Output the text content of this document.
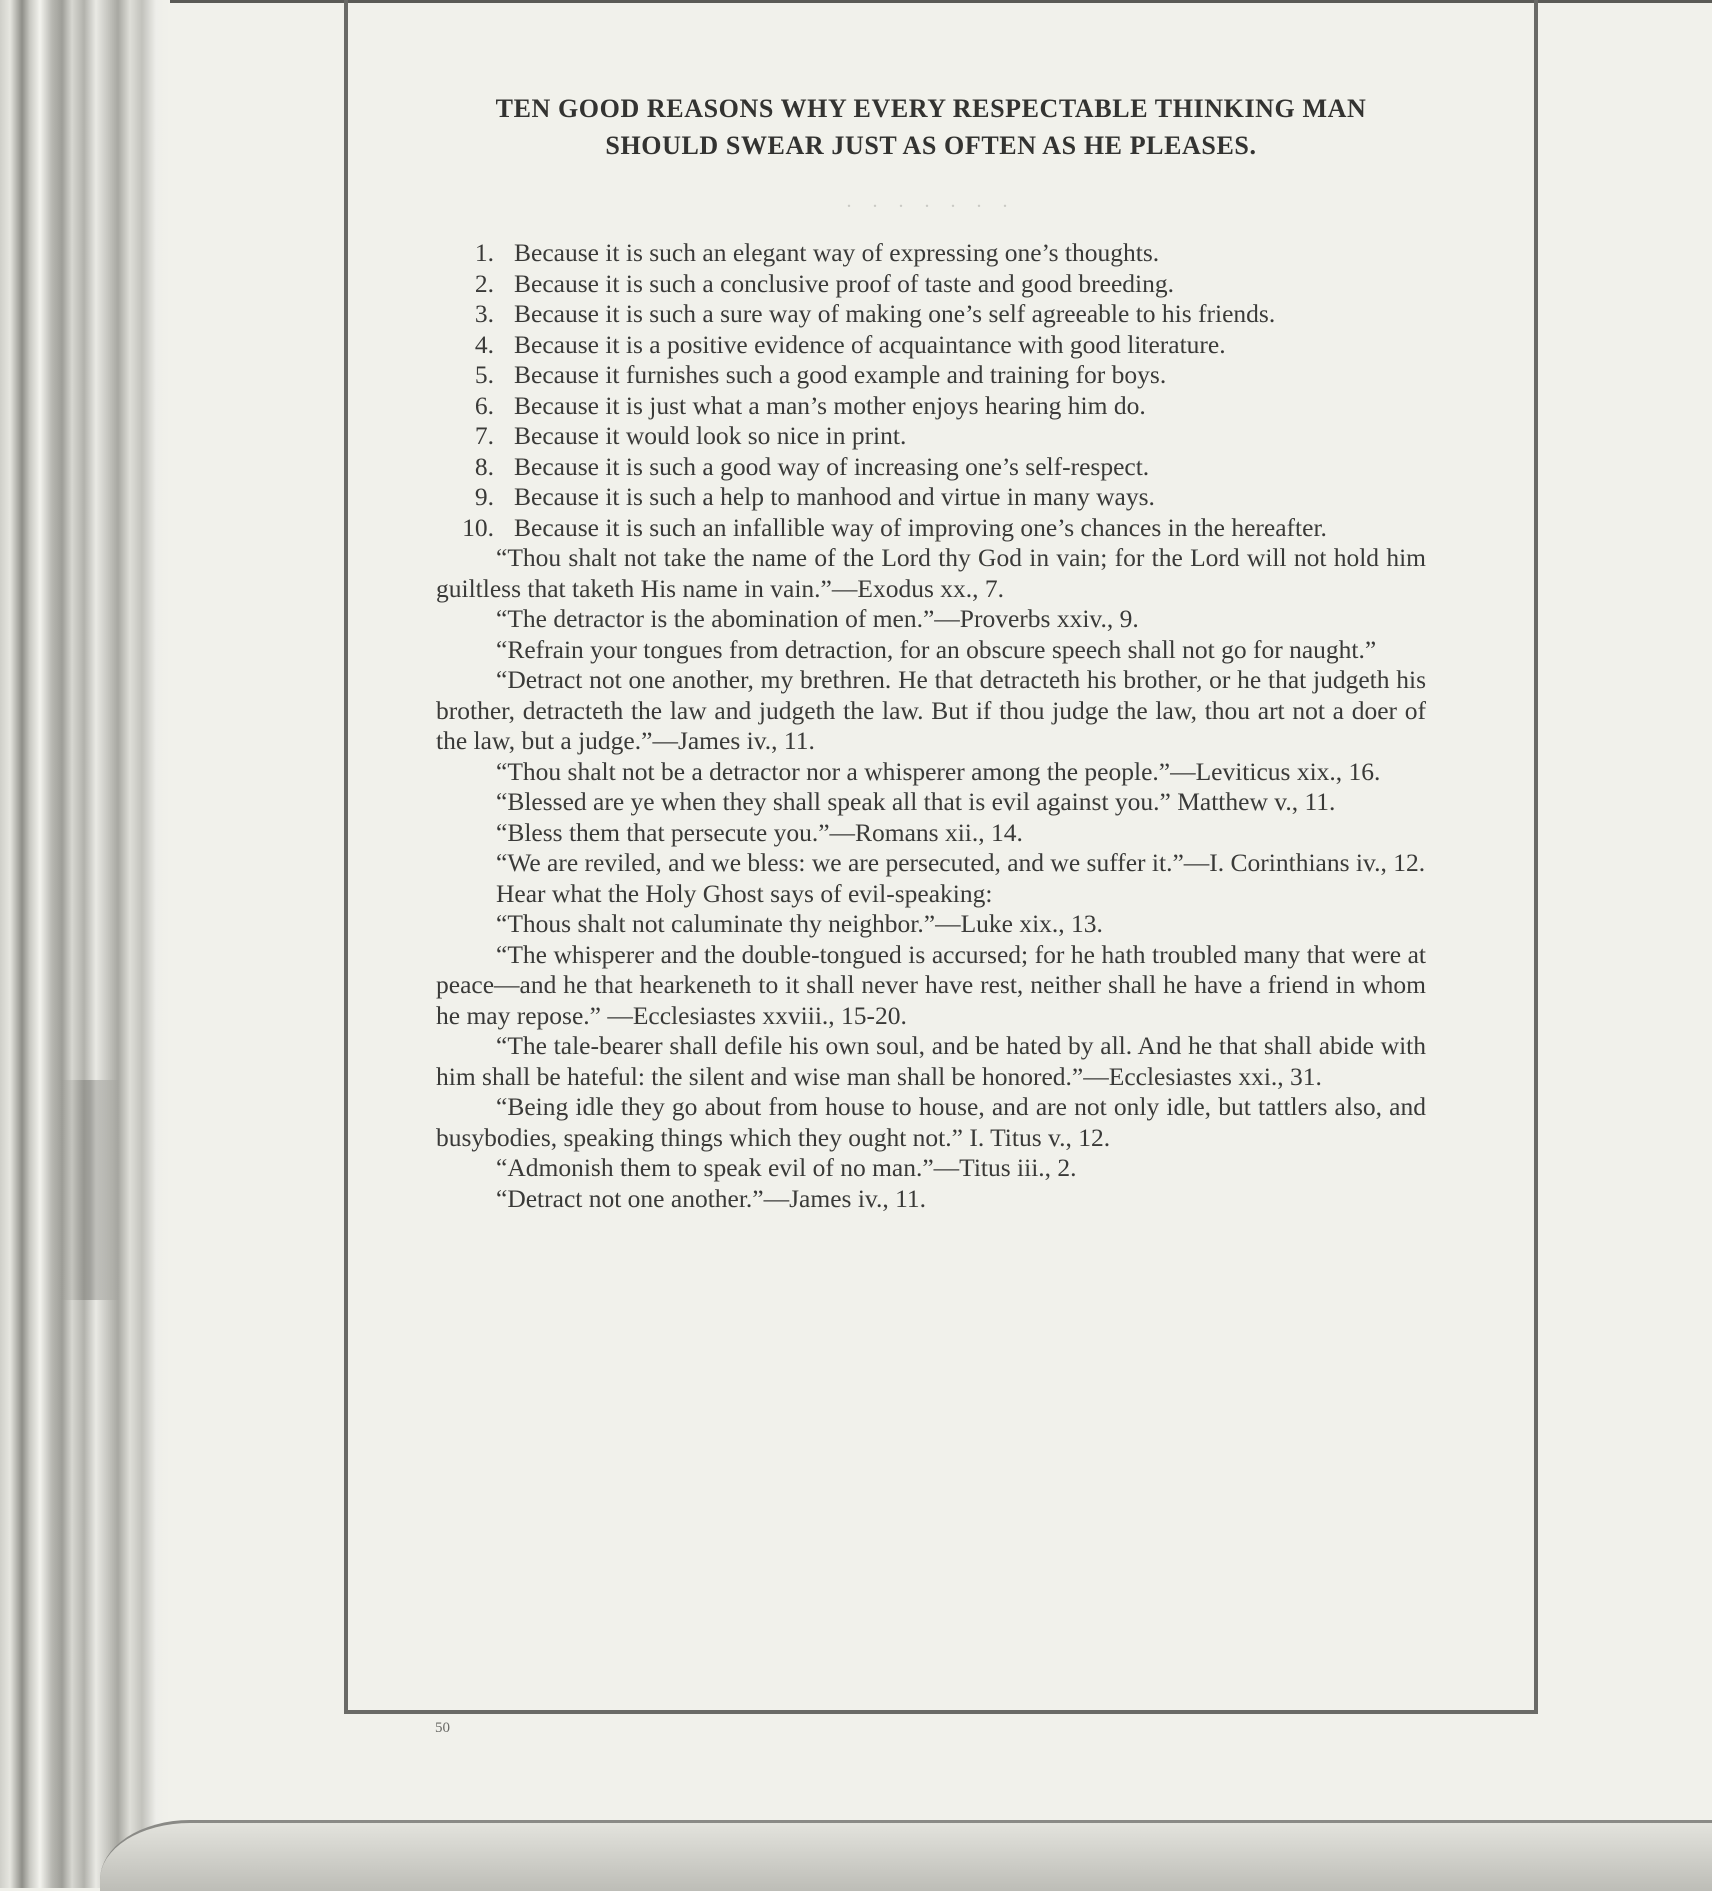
TEN GOOD REASONS WHY EVERY RESPECTABLE THINKING MAN
SHOULD SWEAR JUST AS OFTEN AS HE PLEASES.
. . . . . . .

1. Because it is such an elegant way of expressing one’s thoughts.

2. Because it is such a conclusive proof of taste and good breeding.

3. Because it is such a sure way of making one’s self agreeable to his friends.

4. Because it is a positive evidence of acquaintance with good literature.

5. Because it furnishes such a good example and training for boys.

6. Because it is just what a man’s mother enjoys hearing him do.

7. Because it would look so nice in print.

8. Because it is such a good way of increasing one’s self-respect.

9. Because it is such a help to manhood and virtue in many ways.

10. Because it is such an infallible way of improving one’s chances in the hereafter.

“Thou shalt not take the name of the Lord thy God in vain; for the Lord will not hold him guiltless that taketh His name in vain.”—Exodus xx., 7.

“The detractor is the abomination of men.”—Proverbs xxiv., 9.

“Refrain your tongues from detraction, for an obscure speech shall not go for naught.”

“Detract not one another, my brethren. He that detracteth his brother, or he that judgeth his brother, detracteth the law and judgeth the law. But if thou judge the law, thou art not a doer of the law, but a judge.”—James iv., 11.

“Thou shalt not be a detractor nor a whisperer among the people.”—Leviticus xix., 16.

“Blessed are ye when they shall speak all that is evil against you.” Matthew v., 11.

“Bless them that persecute you.”—Romans xii., 14.

“We are reviled, and we bless: we are persecuted, and we suffer it.”—I. Corinthians iv., 12.

Hear what the Holy Ghost says of evil-speaking:

“Thous shalt not caluminate thy neighbor.”—Luke xix., 13.

“The whisperer and the double-tongued is accursed; for he hath troubled many that were at peace—and he that hearkeneth to it shall never have rest, neither shall he have a friend in whom he may repose.” —Ecclesiastes xxviii., 15-20.

“The tale-bearer shall defile his own soul, and be hated by all. And he that shall abide with him shall be hateful: the silent and wise man shall be honored.”—Ecclesiastes xxi., 31.

“Being idle they go about from house to house, and are not only idle, but tattlers also, and busybodies, speaking things which they ought not.” I. Titus v., 12.

“Admonish them to speak evil of no man.”—Titus iii., 2.

“Detract not one another.”—James iv., 11.

50
